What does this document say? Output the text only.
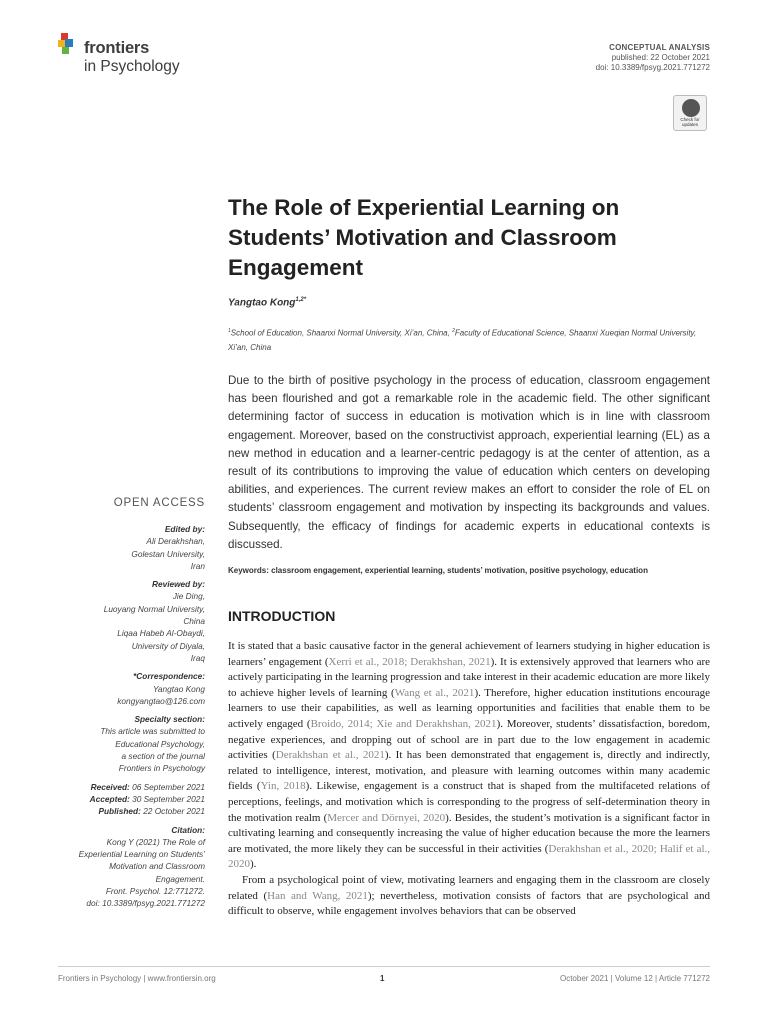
frontiers
in Psychology
CONCEPTUAL ANALYSIS
published: 22 October 2021
doi: 10.3389/fpsyg.2021.771272
Check for updates
The Role of Experiential Learning on Students’ Motivation and Classroom Engagement
Yangtao Kong$^{1,2*}$
$^1$School of Education, Shaanxi Normal University, Xi’an, China, $^2$Faculty of Educational Science, Shaanxi Xueqian Normal University, Xi’an, China
Due to the birth of positive psychology in the process of education, classroom engagement has been flourished and got a remarkable role in the academic field. The other significant determining factor of success in education is motivation which is in line with classroom engagement. Moreover, based on the constructivist approach, experiential learning (EL) as a new method in education and a learner-centric pedagogy is at the center of attention, as a result of its contributions to improving the value of education which centers on developing abilities, and experiences. The current review makes an effort to consider the role of EL on students’ classroom engagement and motivation by inspecting its backgrounds and values. Subsequently, the efficacy of findings for academic experts in educational contexts is discussed.
Keywords: classroom engagement, experiential learning, students’ motivation, positive psychology, education
OPEN ACCESS
Edited by:
Ali Derakhshan,
Golestan University,
Iran
Reviewed by:
Jie Ding,
Luoyang Normal University,
China
Liqaa Habeb Al-Obaydi,
University of Diyala,
Iraq
*Correspondence:
Yangtao Kong
kongyangtao@126.com
Specialty section:
This article was submitted to
Educational Psychology,
a section of the journal
Frontiers in Psychology
Received: 06 September 2021
Accepted: 30 September 2021
Published: 22 October 2021
Citation:
Kong Y (2021) The Role of
Experiential Learning on Students’
Motivation and Classroom
Engagement.
Front. Psychol. 12:771272.
doi: 10.3389/fpsyg.2021.771272
INTRODUCTION

It is stated that a basic causative factor in the general achievement of learners studying in higher education is learners’ engagement (Xerri et al., 2018; Derakhshan, 2021). It is extensively approved that learners who are actively participating in the learning progression and take interest in their academic education are more likely to achieve higher levels of learning (Wang et al., 2021). Therefore, higher education institutions encourage learners to use their capabilities, as well as learning opportunities and facilities that enable them to be actively engaged (Broido, 2014; Xie and Derakhshan, 2021). Moreover, students’ dissatisfaction, boredom, negative experiences, and dropping out of school are in part due to the low engagement in academic activities (Derakhshan et al., 2021). It has been demonstrated that engagement is, directly and indirectly, related to intelligence, interest, motivation, and pleasure with learning outcomes within many academic fields (Yin, 2018). Likewise, engagement is a construct that is shaped from the multifaceted relations of perceptions, feelings, and motivation which is corresponding to the progress of self-determination theory in the motivation realm (Mercer and Dörnyei, 2020). Besides, the student’s motivation is a significant factor in cultivating learning and consequently increasing the value of higher education because the more the learners are motivated, the more likely they can be successful in their activities (Derakhshan et al., 2020; Halif et al., 2020).

From a psychological point of view, motivating learners and engaging them in the classroom are closely related (Han and Wang, 2021); nevertheless, motivation consists of factors that are psychological and difficult to observe, while engagement involves behaviors that can be observed

Frontiers in Psychology | www.frontiersin.org	1	October 2021 | Volume 12 | Article 771272
